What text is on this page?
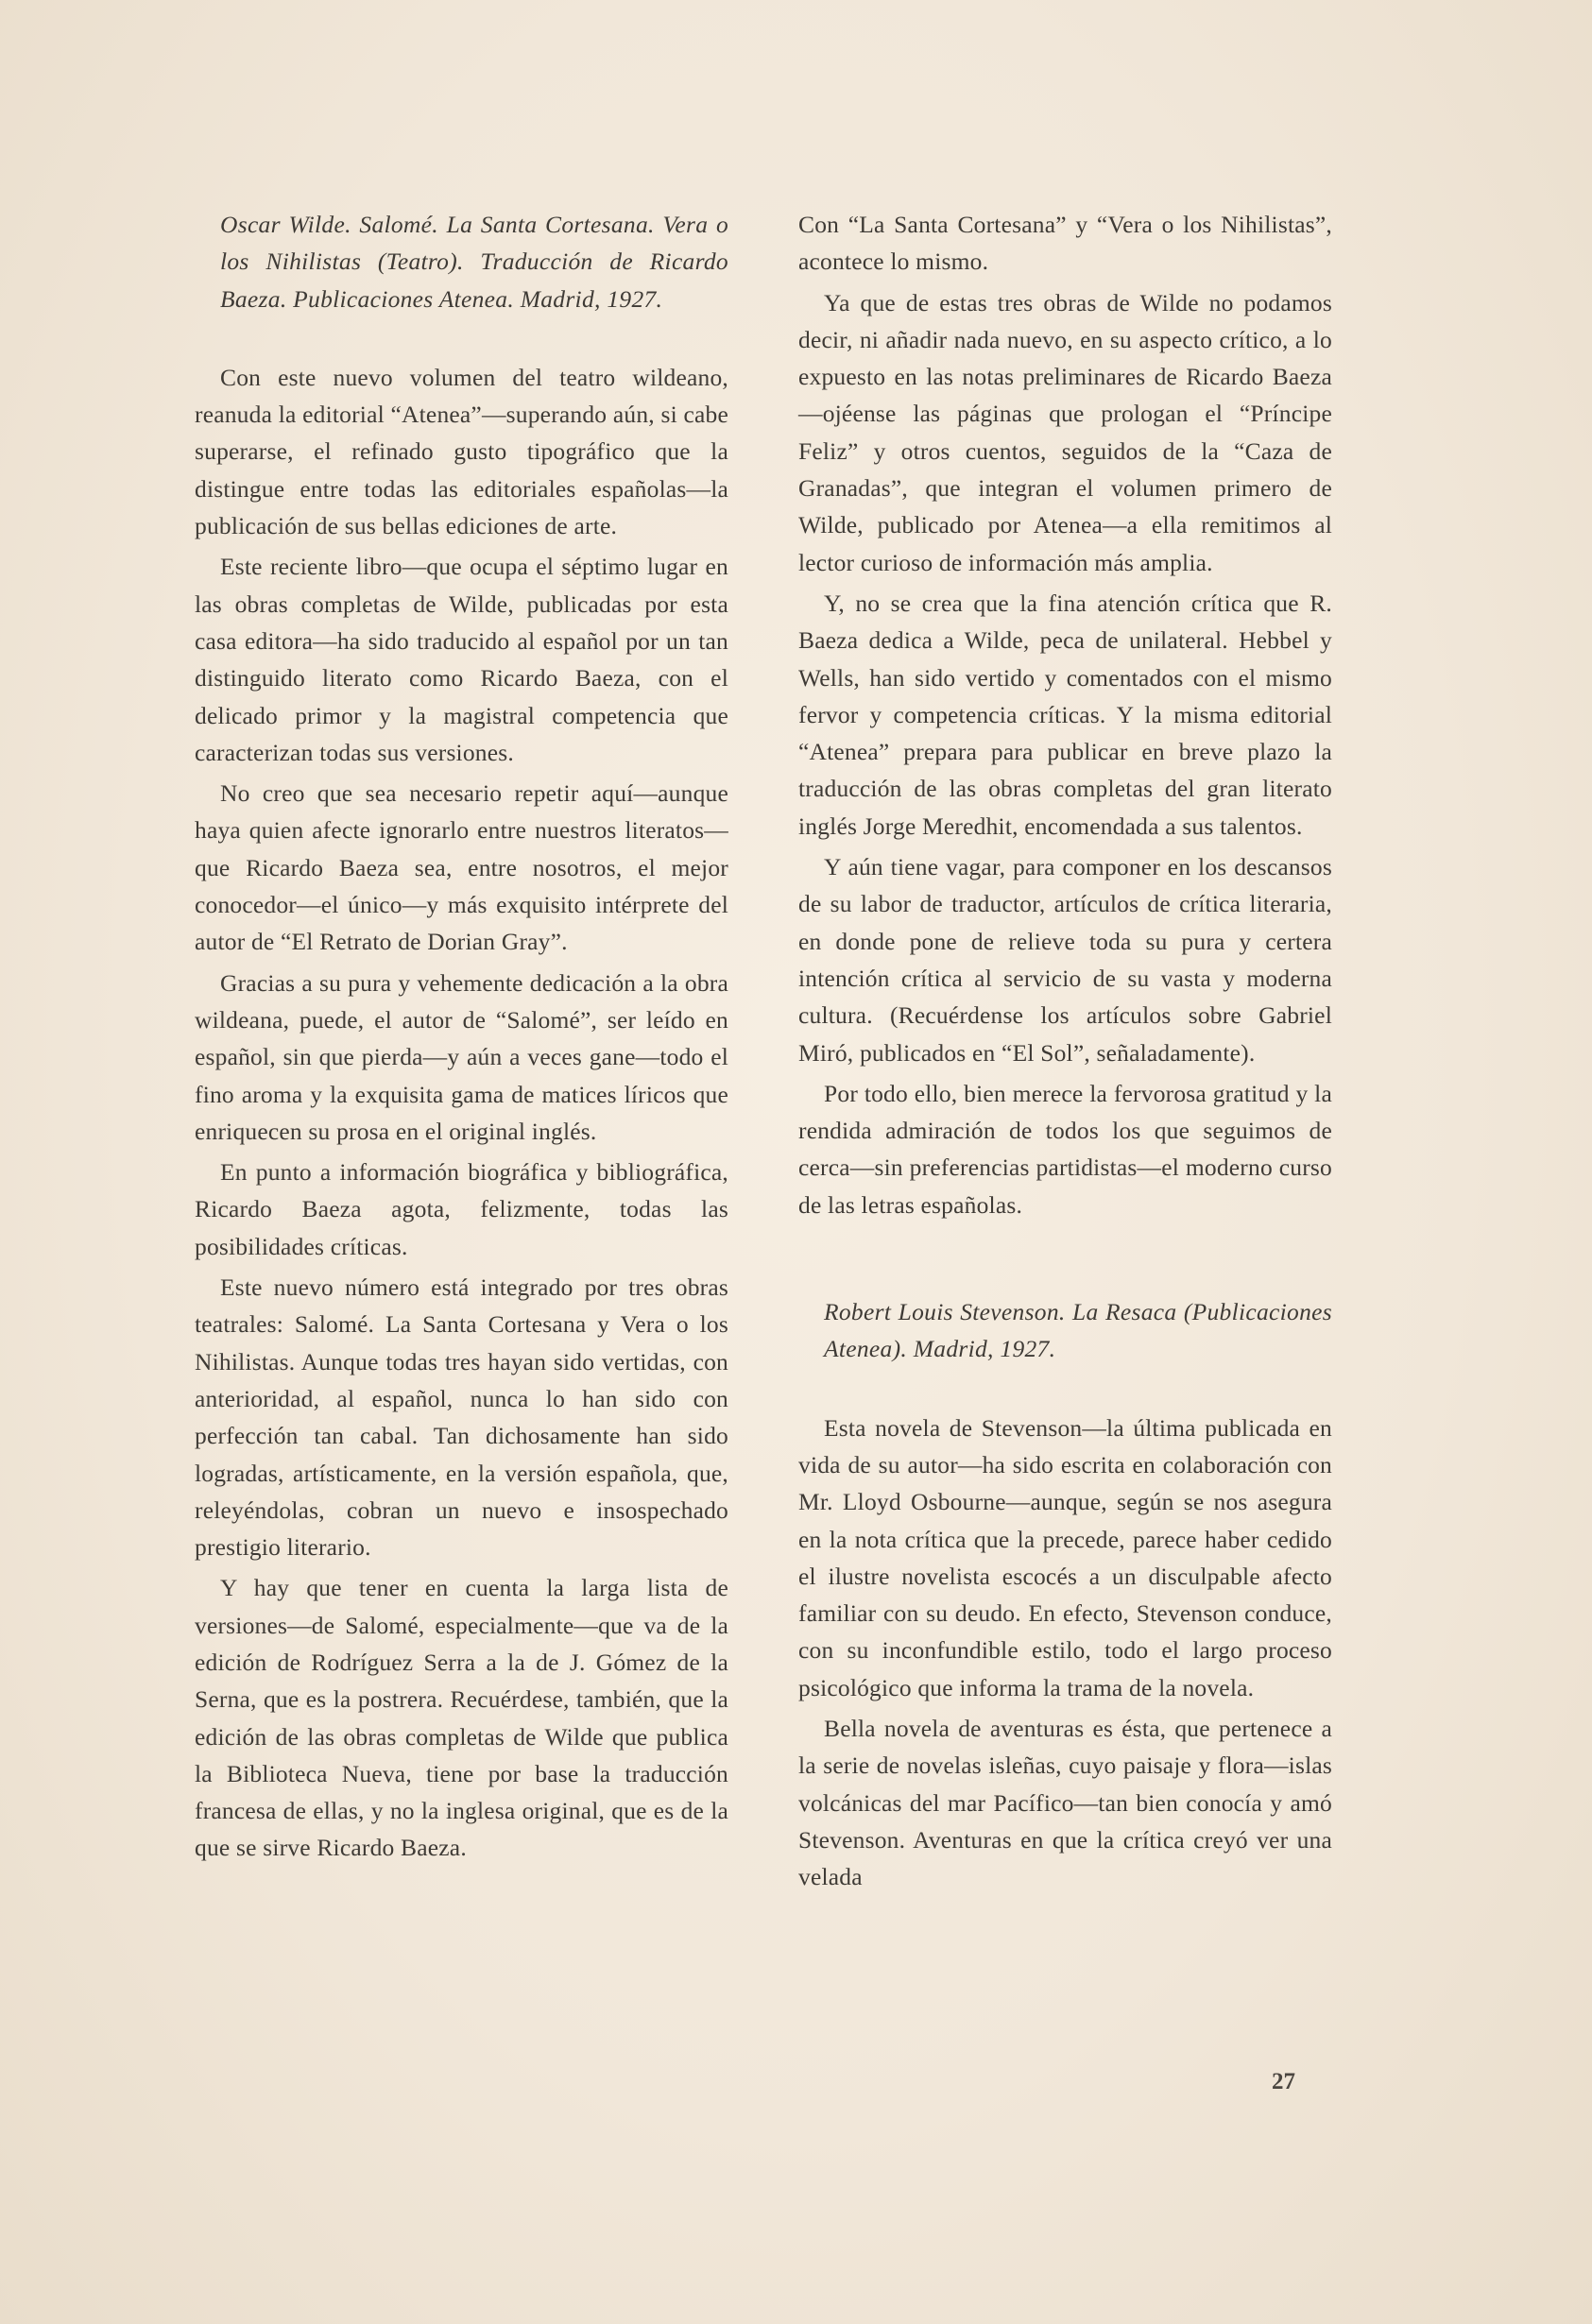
Oscar Wilde. Salomé. La Santa Cortesana. Vera o los Nihilistas (Teatro). Traducción de Ricardo Baeza. Publicaciones Atenea. Madrid, 1927.

Con este nuevo volumen del teatro wildeano, reanuda la editorial “Atenea”—superando aún, si cabe superarse, el refinado gusto tipográfico que la distingue entre todas las editoriales españolas—la publicación de sus bellas ediciones de arte.

Este reciente libro—que ocupa el séptimo lugar en las obras completas de Wilde, publicadas por esta casa editora—ha sido traducido al español por un tan distinguido literato como Ricardo Baeza, con el delicado primor y la magistral competencia que caracterizan todas sus versiones.

No creo que sea necesario repetir aquí—aunque haya quien afecte ignorarlo entre nuestros literatos—que Ricardo Baeza sea, entre nosotros, el mejor conocedor—el único—y más exquisito intérprete del autor de “El Retrato de Dorian Gray”.

Gracias a su pura y vehemente dedicación a la obra wildeana, puede, el autor de “Salomé”, ser leído en español, sin que pierda—y aún a veces gane—todo el fino aroma y la exquisita gama de matices líricos que enriquecen su prosa en el original inglés.

En punto a información biográfica y bibliográfica, Ricardo Baeza agota, felizmente, todas las posibilidades críticas.

Este nuevo número está integrado por tres obras teatrales: Salomé. La Santa Cortesana y Vera o los Nihilistas. Aunque todas tres hayan sido vertidas, con anterioridad, al español, nunca lo han sido con perfección tan cabal. Tan dichosamente han sido logradas, artísticamente, en la versión española, que, releyéndolas, cobran un nuevo e insospechado prestigio literario.

Y hay que tener en cuenta la larga lista de versiones—de Salomé, especialmente—que va de la edición de Rodríguez Serra a la de J. Gómez de la Serna, que es la postrera. Recuérdese, también, que la edición de las obras completas de Wilde que publica la Biblioteca Nueva, tiene por base la traducción francesa de ellas, y no la inglesa original, que es de la que se sirve Ricardo Baeza.

Con “La Santa Cortesana” y “Vera o los Nihilistas”, acontece lo mismo.

Ya que de estas tres obras de Wilde no podamos decir, ni añadir nada nuevo, en su aspecto crítico, a lo expuesto en las notas preliminares de Ricardo Baeza—ojéense las páginas que prologan el “Príncipe Feliz” y otros cuentos, seguidos de la “Caza de Granadas”, que integran el volumen primero de Wilde, publicado por Atenea—a ella remitimos al lector curioso de información más amplia.

Y, no se crea que la fina atención crítica que R. Baeza dedica a Wilde, peca de unilateral. Hebbel y Wells, han sido vertido y comentados con el mismo fervor y competencia críticas. Y la misma editorial “Atenea” prepara para publicar en breve plazo la traducción de las obras completas del gran literato inglés Jorge Meredhit, encomendada a sus talentos.

Y aún tiene vagar, para componer en los descansos de su labor de traductor, artículos de crítica literaria, en donde pone de relieve toda su pura y certera intención crítica al servicio de su vasta y moderna cultura. (Recuérdense los artículos sobre Gabriel Miró, publicados en “El Sol”, señaladamente).

Por todo ello, bien merece la fervorosa gratitud y la rendida admiración de todos los que seguimos de cerca—sin preferencias partidistas—el moderno curso de las letras españolas.

Robert Louis Stevenson. La Resaca (Publicaciones Atenea). Madrid, 1927.

Esta novela de Stevenson—la última publicada en vida de su autor—ha sido escrita en colaboración con Mr. Lloyd Osbourne—aunque, según se nos asegura en la nota crítica que la precede, parece haber cedido el ilustre novelista escocés a un disculpable afecto familiar con su deudo. En efecto, Stevenson conduce, con su inconfundible estilo, todo el largo proceso psicológico que informa la trama de la novela.

Bella novela de aventuras es ésta, que pertenece a la serie de novelas isleñas, cuyo paisaje y flora—islas volcánicas del mar Pacífico—tan bien conocía y amó Stevenson. Aventuras en que la crítica creyó ver una velada

27
